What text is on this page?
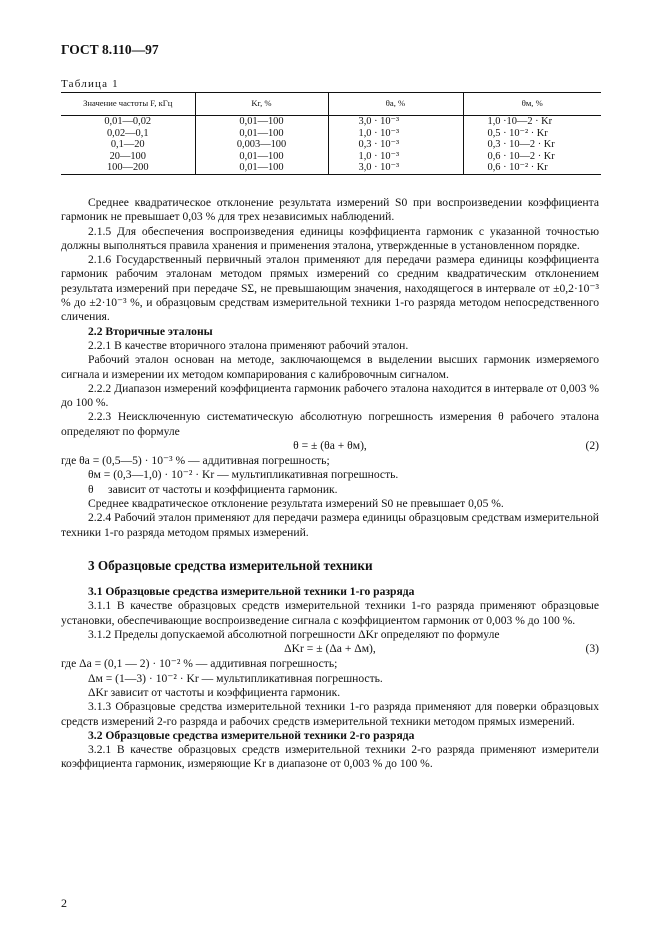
ГОСТ 8.110—97
Таблица 1
Значение частоты F, кГц	Kr, %	θa, %	θм, %
0,01—0,02	0,01—100	3,0 · 10⁻³	1,0 ·10—2 · Kr
0,02—0,1	0,01—100	1,0 · 10⁻³	0,5 · 10⁻² · Kr
0,1—20	0,003—100	0,3 · 10⁻³	0,3 · 10—2 · Kr
20—100	0,01—100	1,0 · 10⁻³	0,6 · 10—2 · Kr
100—200	0,01—100	3,0 · 10⁻³	0,6 · 10⁻² · Kr

Среднее квадратическое отклонение результата измерений S0 при воспроизведении коэффициента гармоник не превышает 0,03 % для трех независимых наблюдений.

2.1.5 Для обеспечения воспроизведения единицы коэффициента гармоник с указанной точностью должны выполняться правила хранения и применения эталона, утвержденные в установленном порядке.

2.1.6 Государственный первичный эталон применяют для передачи размера единицы коэффициента гармоник рабочим эталонам методом прямых измерений со средним квадратическим отклонением результата измерений при передаче SΣ, не превышающим значения, находящегося в интервале от ±0,2·10⁻³ % до ±2·10⁻³ %, и образцовым средствам измерительной техники 1-го разряда методом непосредственного сличения.

2.2 Вторичные эталоны

2.2.1 В качестве вторичного эталона применяют рабочий эталон.

Рабочий эталон основан на методе, заключающемся в выделении высших гармоник измеряемого сигнала и измерении их методом компарирования с калибровочным сигналом.

2.2.2 Диапазон измерений коэффициента гармоник рабочего эталона находится в интервале от 0,003 % до 100 %.

2.2.3 Неисключенную систематическую абсолютную погрешность измерения θ рабочего эталона определяют по формуле

θ = ± (θа + θм),	(2)

где θа = (0,5—5) · 10⁻³ % — аддитивная погрешность;

θм = (0,3—1,0) · 10⁻² · Kr — мультипликативная погрешность.

θ     зависит от частоты и коэффициента гармоник.

Среднее квадратическое отклонение результата измерений S0 не превышает 0,05 %.

2.2.4 Рабочий эталон применяют для передачи размера единицы образцовым средствам измерительной техники 1-го разряда методом прямых измерений.

3 Образцовые средства измерительной техники

3.1 Образцовые средства измерительной техники 1-го разряда

3.1.1 В качестве образцовых средств измерительной техники 1-го разряда применяют образцовые установки, обеспечивающие воспроизведение сигнала с коэффициентом гармоник от 0,003 % до 100 %.

3.1.2 Пределы допускаемой абсолютной погрешности ΔKr определяют по формуле

ΔKr = ± (Δа + Δм),	(3)

где Δа = (0,1 — 2) · 10⁻² % — аддитивная погрешность;

Δм = (1—3) · 10⁻² · Kr — мультипликативная погрешность.

ΔKr зависит от частоты и коэффициента гармоник.

3.1.3 Образцовые средства измерительной техники 1-го разряда применяют для поверки образцовых средств измерений 2-го разряда и рабочих средств измерительной техники методом прямых измерений.

3.2 Образцовые средства измерительной техники 2-го разряда

3.2.1 В качестве образцовых средств измерительной техники 2-го разряда применяют измерители коэффициента гармоник, измеряющие Kr в диапазоне от 0,003 % до 100 %.

2
